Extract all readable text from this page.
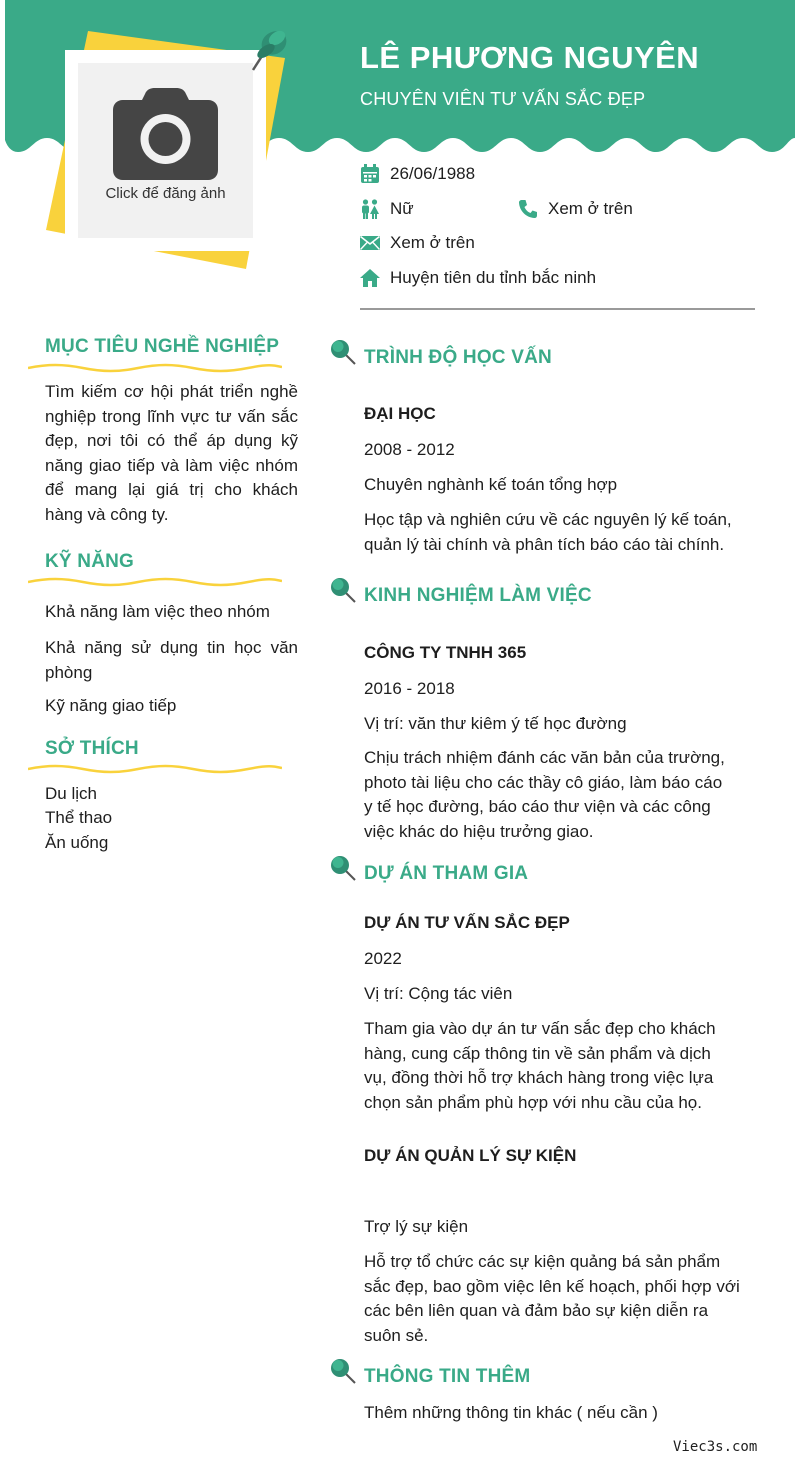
LÊ PHƯƠNG NGUYÊN
CHUYÊN VIÊN TƯ VẤN SẮC ĐẸP
Click để đăng ảnh
26/06/1988
Nữ	Xem ở trên
Xem ở trên
Huyện tiên du tỉnh bắc ninh
MỤC TIÊU NGHỀ NGHIỆP
Tìm kiếm cơ hội phát triển nghề nghiệp trong lĩnh vực tư vấn sắc đẹp, nơi tôi có thể áp dụng kỹ năng giao tiếp và làm việc nhóm để mang lại giá trị cho khách hàng và công ty.
KỸ NĂNG
Khả năng làm việc theo nhóm
Khả năng sử dụng tin học văn phòng
Kỹ năng giao tiếp
SỞ THÍCH
Du lịch
Thể thao
Ăn uống
TRÌNH ĐỘ HỌC VẤN
ĐẠI HỌC
2008 - 2012
Chuyên nghành kế toán tổng hợp
Học tập và nghiên cứu về các nguyên lý kế toán, quản lý tài chính và phân tích báo cáo tài chính.
KINH NGHIỆM LÀM VIỆC
CÔNG TY TNHH 365
2016 - 2018
Vị trí: văn thư kiêm ý tế học đường
Chịu trách nhiệm đánh các văn bản của trường, photo tài liệu cho các thầy cô giáo, làm báo cáo y tế học đường, báo cáo thư viện và các công việc khác do hiệu trưởng giao.
DỰ ÁN THAM GIA
DỰ ÁN TƯ VẤN SẮC ĐẸP
2022
Vị trí: Cộng tác viên
Tham gia vào dự án tư vấn sắc đẹp cho khách hàng, cung cấp thông tin về sản phẩm và dịch vụ, đồng thời hỗ trợ khách hàng trong việc lựa chọn sản phẩm phù hợp với nhu cầu của họ.
DỰ ÁN QUẢN LÝ SỰ KIỆN
Trợ lý sự kiện
Hỗ trợ tổ chức các sự kiện quảng bá sản phẩm sắc đẹp, bao gồm việc lên kế hoạch, phối hợp với các bên liên quan và đảm bảo sự kiện diễn ra suôn sẻ.
THÔNG TIN THÊM
Thêm những thông tin khác ( nếu cần )
Viec3s.com
